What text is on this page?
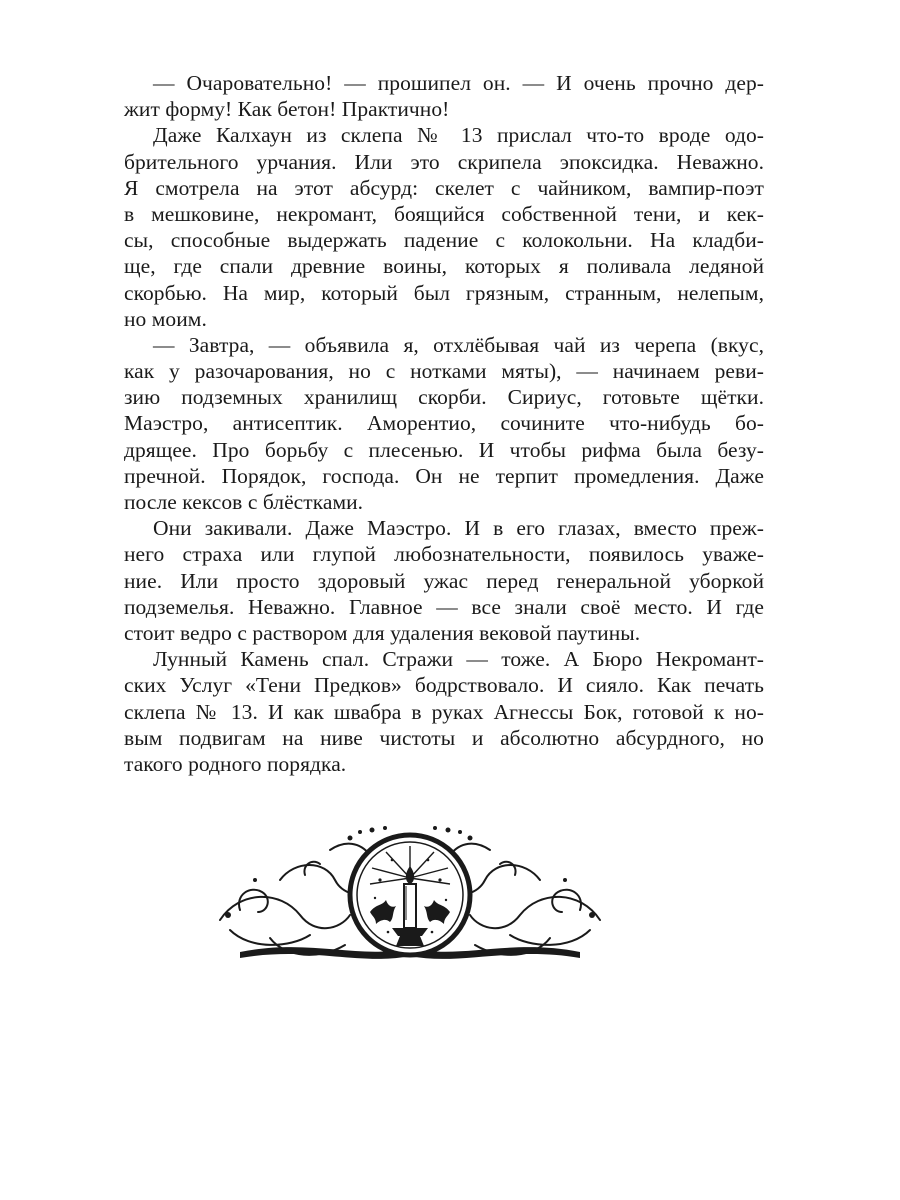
— Очаровательно! — прошипел он. — И очень прочно дер-
жит форму! Как бетон! Практично!
Даже Калхаун из склепа № 13 прислал что-то вроде одо-
брительного урчания. Или это скрипела эпоксидка. Неважно.
Я смотрела на этот абсурд: скелет с чайником, вампир-поэт
в мешковине, некромант, боящийся собственной тени, и кек-
сы, способные выдержать падение с колокольни. На кладби-
ще, где спали древние воины, которых я поливала ледяной
скорбью. На мир, который был грязным, странным, нелепым,
но моим.
— Завтра, — объявила я, отхлёбывая чай из черепа (вкус,
как у разочарования, но с нотками мяты), — начинаем реви-
зию подземных хранилищ скорби. Сириус, готовьте щётки.
Маэстро, антисептик. Аморентио, сочините что-нибудь бо-
дрящее. Про борьбу с плесенью. И чтобы рифма была безу-
пречной. Порядок, господа. Он не терпит промедления. Даже
после кексов с блёстками.
Они закивали. Даже Маэстро. И в его глазах, вместо преж-
него страха или глупой любознательности, появилось уваже-
ние. Или просто здоровый ужас перед генеральной уборкой
подземелья. Неважно. Главное — все знали своё место. И где
стоит ведро с раствором для удаления вековой паутины.
Лунный Камень спал. Стражи — тоже. А Бюро Некромант-
ских Услуг «Тени Предков» бодрствовало. И сияло. Как печать
склепа № 13. И как швабра в руках Агнессы Бок, готовой к но-
вым подвигам на ниве чистоты и абсолютно абсурдного, но
такого родного порядка.
